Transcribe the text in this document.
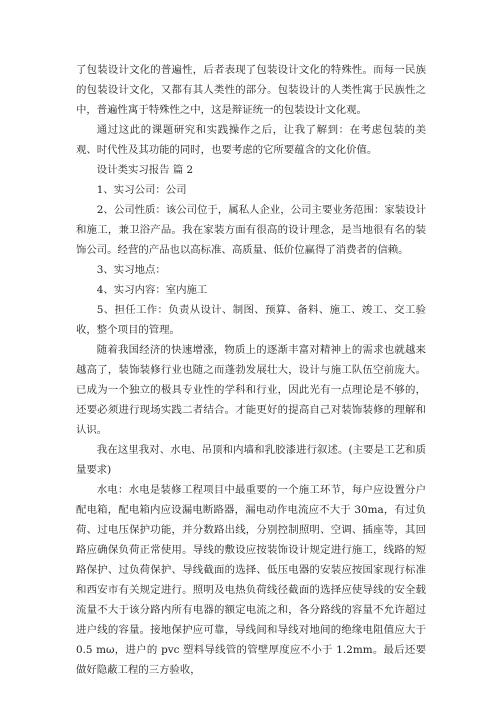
了包装设计文化的普遍性，后者表现了包装设计文化的特殊性。而每一民族的包装设计文化，又都有其人类性的部分。包装设计的人类性寓于民族性之中，普遍性寓于特殊性之中，这是辩证统一的包装设计文化观。

通过这此的课题研究和实践操作之后，让我了解到：在考虑包装的美观、时代性及其功能的同时，也要考虑的它所要蕴含的文化价值。

设计类实习报告 篇 2

1、实习公司：公司

2、公司性质：该公司位于，属私人企业，公司主要业务范围：家装设计和施工，兼卫浴产品。我在家装方面有很高的设计理念，是当地很有名的装饰公司。经营的产品也以高标准、高质量、低价位赢得了消费者的信赖。

3、实习地点：

4、实习内容：室内施工

5、担任工作：负责从设计、制图、预算、备料、施工、竣工、交工验收，整个项目的管理。

随着我国经济的快速增涨，物质上的逐渐丰富对精神上的需求也就越来越高了，装饰装修行业也随之而蓬勃发展壮大，设计与施工队伍空前庞大。已成为一个独立的极具专业性的学科和行业，因此光有一点理论是不够的，还要必须进行现场实践二者结合。才能更好的提高自己对装饰装修的理解和认识。

我在这里我对、水电、吊顶和内墙和乳胶漆进行叙述。(主要是工艺和质量要求)

水电：水电是装修工程项目中最重要的一个施工环节，每户应设置分户配电箱，配电箱内应设漏电断路器，漏电动作电流应不大于 30ma，有过负荷、过电压保护功能，并分数路出线，分别控制照明、空调、插座等，其回路应确保负荷正常使用。导线的敷设应按装饰设计规定进行施工，线路的短路保护、过负荷保护、导线截面的选择、低压电器的安装应按国家现行标准和西安市有关规定进行。照明及电热负荷线径截面的选择应使导线的安全载流量不大于该分路内所有电器的额定电流之和，各分路线的容量不允许超过进户线的容量。接地保护应可靠，导线间和导线对地间的绝缘电阻值应大于 0.5 mω，进户的 pvc 塑料导线管的管壁厚度应不小于 1.2mm。最后还要做好隐蔽工程的三方验收，
